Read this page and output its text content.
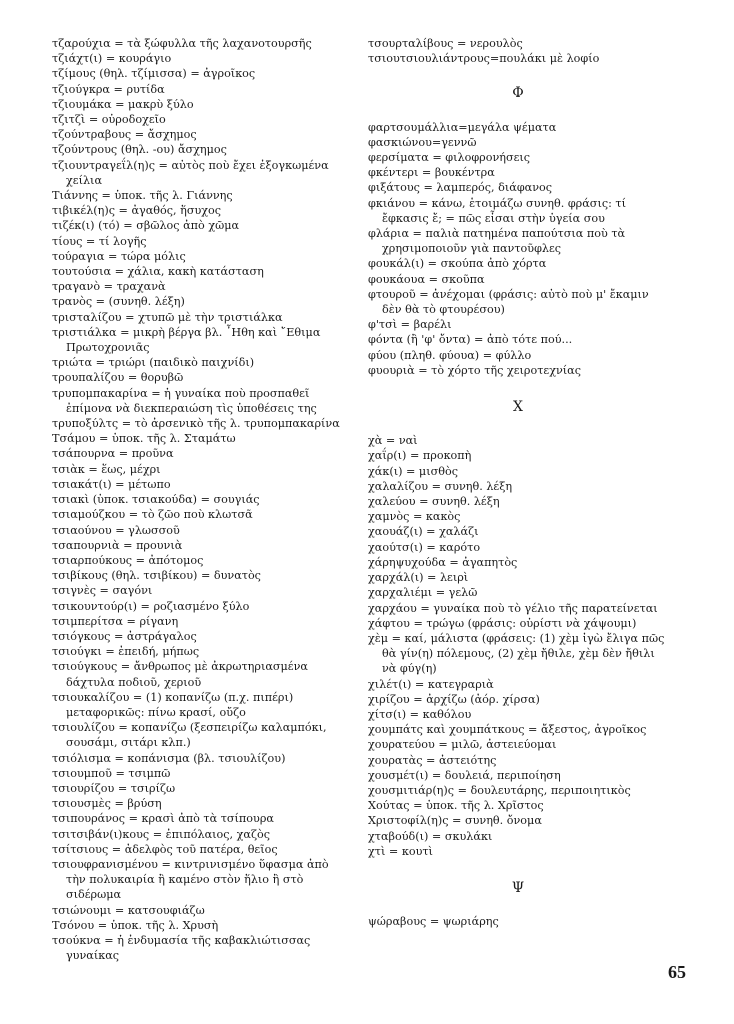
τζαρούχια = τὰ ξώφυλλα τῆς λαχανοτουρσῆς

τζιάχτ(ι) = κουράγιο

τζίμους (θηλ. τζίμισσα) = ἀγροῖκος

τζιούγκρα = ρυτίδα

τζιουμάκα = μακρὺ ξύλο

τζιτζὶ = οὐροδοχεῖο

τζούντραβους = ἄσχημος

τζούντρους (θηλ. -ου) ἄσχημος

τζιουντραγεΐλ(η)ς = αὐτὸς ποὺ ἔχει ἐξογκωμένα χείλια

Τιάννης = ὑποκ. τῆς λ. Γιάννης

τιβικέλ(η)ς = ἀγαθός, ἥσυχος

τιζέκ(ι) (τό) = σβῶλος ἀπὸ χῶμα

τίους = τί λογῆς

τούραγια = τώρα μόλις

τουτούσια = χάλια, κακὴ κατάσταση

τραγανὸ = τραχανὰ

τρανὸς = (συνηθ. λέξη)

τρισταλίζου = χτυπῶ μὲ τὴν τριστιάλκα

τριστιάλκα = μικρὴ βέργα βλ. ῏Ηθη καὶ ῎Εθιμα Πρωτοχρονιᾶς

τριώτα = τριώρι (παιδικὸ παιχνίδι)

τρουπαλίζου = θορυβῶ

τρυπομπακαρίνα = ἡ γυναίκα ποὺ προσπαθεῖ ἐπίμονα νὰ διεκπεραιώση τὶς ὑποθέσεις της

τρυποξύλτς = τὸ ἀρσενικὸ τῆς λ. τρυπομπακαρίνα

Τσάμου = ὑποκ. τῆς λ. Σταμάτω

τσάπουρνα = προῦνα

τσιὰκ = ἕως, μέχρι

τσιακάτ(ι) = μέτωπο

τσιακὶ (ὑποκ. τσιακούδα) = σουγιάς

τσιαμούζκου = τὸ ζῶο ποὺ κλωτσᾶ

τσιαούνου = γλωσσοῦ

τσαπουρνιὰ = προυνιὰ

τσιαρπούκους = ἀπότομος

τσιβίκους (θηλ. τσιβίκου) = δυνατὸς

τσιγνὲς = σαγόνι

τσικουντούρ(ι) = ροζιασμένο ξύλο

τσιμπερίτσα = ρίγανη

τσιόγκους = ἀστράγαλος

τσιούγκι = ἐπειδή, μήπως

τσιούγκους = ἄνθρωπος μὲ ἀκρωτηριασμένα δάχτυλα ποδιοῦ, χεριοῦ

τσιουκαλίζου = (1) κοπανίζω (π.χ. πιπέρι) μεταφορικῶς: πίνω κρασί, οὔζο

τσιουλίζου = κοπανίζω (ξεσπειρίζω καλαμπόκι, σουσάμι, σιτάρι κλπ.)

τσιόλισμα = κοπάνισμα (βλ. τσιουλίζου)

τσιουμποῦ = τσιμπῶ

τσιουρίζου = τσιρίζω

τσιουσμὲς = βρύση

τσιπουράνος = κρασὶ ἀπὸ τὰ τσίπουρα

τσιτσιβάν(ι)κους = ἐπιπόλαιος, χαζὸς

τσίτσιους = ἀδελφὸς τοῦ πατέρα, θεῖος

τσιουφρανισμένου = κιντρινισμένο ὕφασμα ἀπὸ τὴν πολυκαιρία ἢ καμένο στὸν ἥλιο ἢ στὸ σιδέρωμα

τσιώνουμι = κατσουφιάζω

Τσόνου = ὑποκ. τῆς λ. Χρυσὴ

τσούκνα = ἡ ἐνδυμασία τῆς καβακλιώτισσας γυναίκας

τσουρταλίβους = νερουλὸς

τσιουτσιουλιάντρους=πουλάκι μὲ λοφίο

Φ

φαρτσουμάλλια=μεγάλα ψέματα

φασκιώνου=γεννῶ

φερσίματα = φιλοφρονήσεις

φκέντερι = βουκέντρα

φιξάτους = λαμπερός, διάφανος

φκιάνου = κάνω, ἑτοιμάζω συνηθ. φράσις: τί ἔφκασις ἔ; = πῶς εἶσαι στὴν ὑγεία σου

φλάρια = παλιὰ πατημένα παπούτσια ποὺ τὰ χρησιμοποιοῦν γιὰ παντοῦφλες

φουκάλ(ι) = σκούπα ἀπὸ χόρτα

φουκάουα = σκοῦπα

φτουροῦ = ἀνέχομαι (φράσις: αὐτὸ ποὺ μ' ἔκαμιν δὲν θὰ τὸ φτουρέσου)

φ'τσὶ = βαρέλι

φόντα (ἢ 'φ' ὄντα) = ἀπὸ τότε πού...

φύου (πληθ. φύουα) = φύλλο

φυουριὰ = τὸ χόρτο τῆς χειροτεχνίας

Χ

χὰ = ναὶ

χαΐρ(ι) = προκοπὴ

χάκ(ι) = μισθὸς

χαλαλίζου = συνηθ. λέξη

χαλεύου = συνηθ. λέξη

χαμνὸς = κακὸς

χαουάζ(ι) = χαλάζι

χαούτσ(ι) = καρότο

χάρηψυχούδα = ἀγαπητὸς

χαρχάλ(ι) = λειρὶ

χαρχαλιέμι = γελῶ

χαρχάου = γυναίκα ποὺ τὸ γέλιο τῆς παρατείνεται

χάφτου = τρώγω (φράσις: οὑρίστι νὰ χάψουμι)

χὲμ = καί, μάλιστα (φράσεις: (1) χὲμ ἰγὼ ἔλιγα πῶς θὰ γίν(η) πόλεμους, (2) χὲμ ἤθιλε, χὲμ δὲν ἤθιλι νὰ φύγ(η)

χιλέτ(ι) = κατεγραριὰ

χιρίζου = ἀρχίζω (ἀόρ. χίρσα)

χίτσ(ι) = καθόλου

χουμπάτς καὶ χουμπάτκους = ἄξεστος, ἀγροῖκος

χουρατεύου = μιλῶ, ἀστειεύομαι

χουρατὰς = ἀστειότης

χουσμέτ(ι) = δουλειά, περιποίηση

χουσμιτιάρ(η)ς = δουλευτάρης, περιποιητικὸς

Χούτας = ὑποκ. τῆς λ. Χρῖστος

Χριστοφίλ(η)ς = συνηθ. ὄνομα

χταβούδ(ι) = σκυλάκι

χτὶ = κουτὶ

Ψ

ψώραβους = ψωριάρης

65
